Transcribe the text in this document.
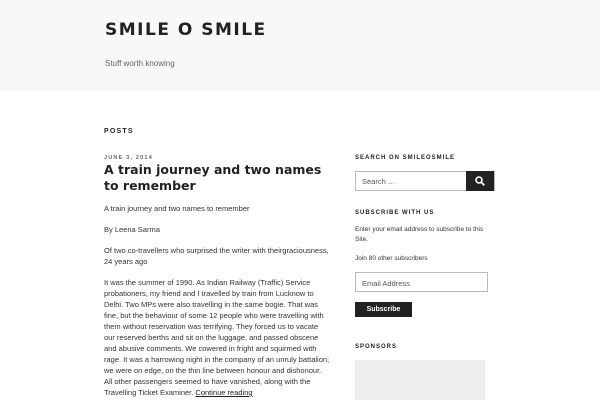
SMILE O SMILE
Stuff worth knowing
·
POSTS
JUNE 3, 2014
A train journey and two names to remember

A train journey and two names to remember

By Leena Sarma

Of two co-travellers who surprised the writer with theirgraciousness, 24 years ago

It was the summer of 1990. As Indian Railway (Traffic) Service probationers, my friend and I travelled by train from Lucknow to Delhi. Two MPs were also travelling in the same bogie. That was fine, but the behaviour of some 12 people who were travelling with them without reservation was terrifying. They forced us to vacate our reserved berths and sit on the luggage, and passed obscene and abusive comments. We cowered in fright and squirmed with rage. It was a harrowing night in the company of an unruly battalion; we were on edge, on the thin line between honour and dishonour. All other passengers seemed to have vanished, along with the Travelling Ticket Examiner. Continue reading

SEARCH ON SMILEOSMILE
Search …
SUBSCRIBE WITH US
Enter your email address to subscribe to this Site.
Join 80 other subscribers
Email Address
Subscribe
SPONSORS
